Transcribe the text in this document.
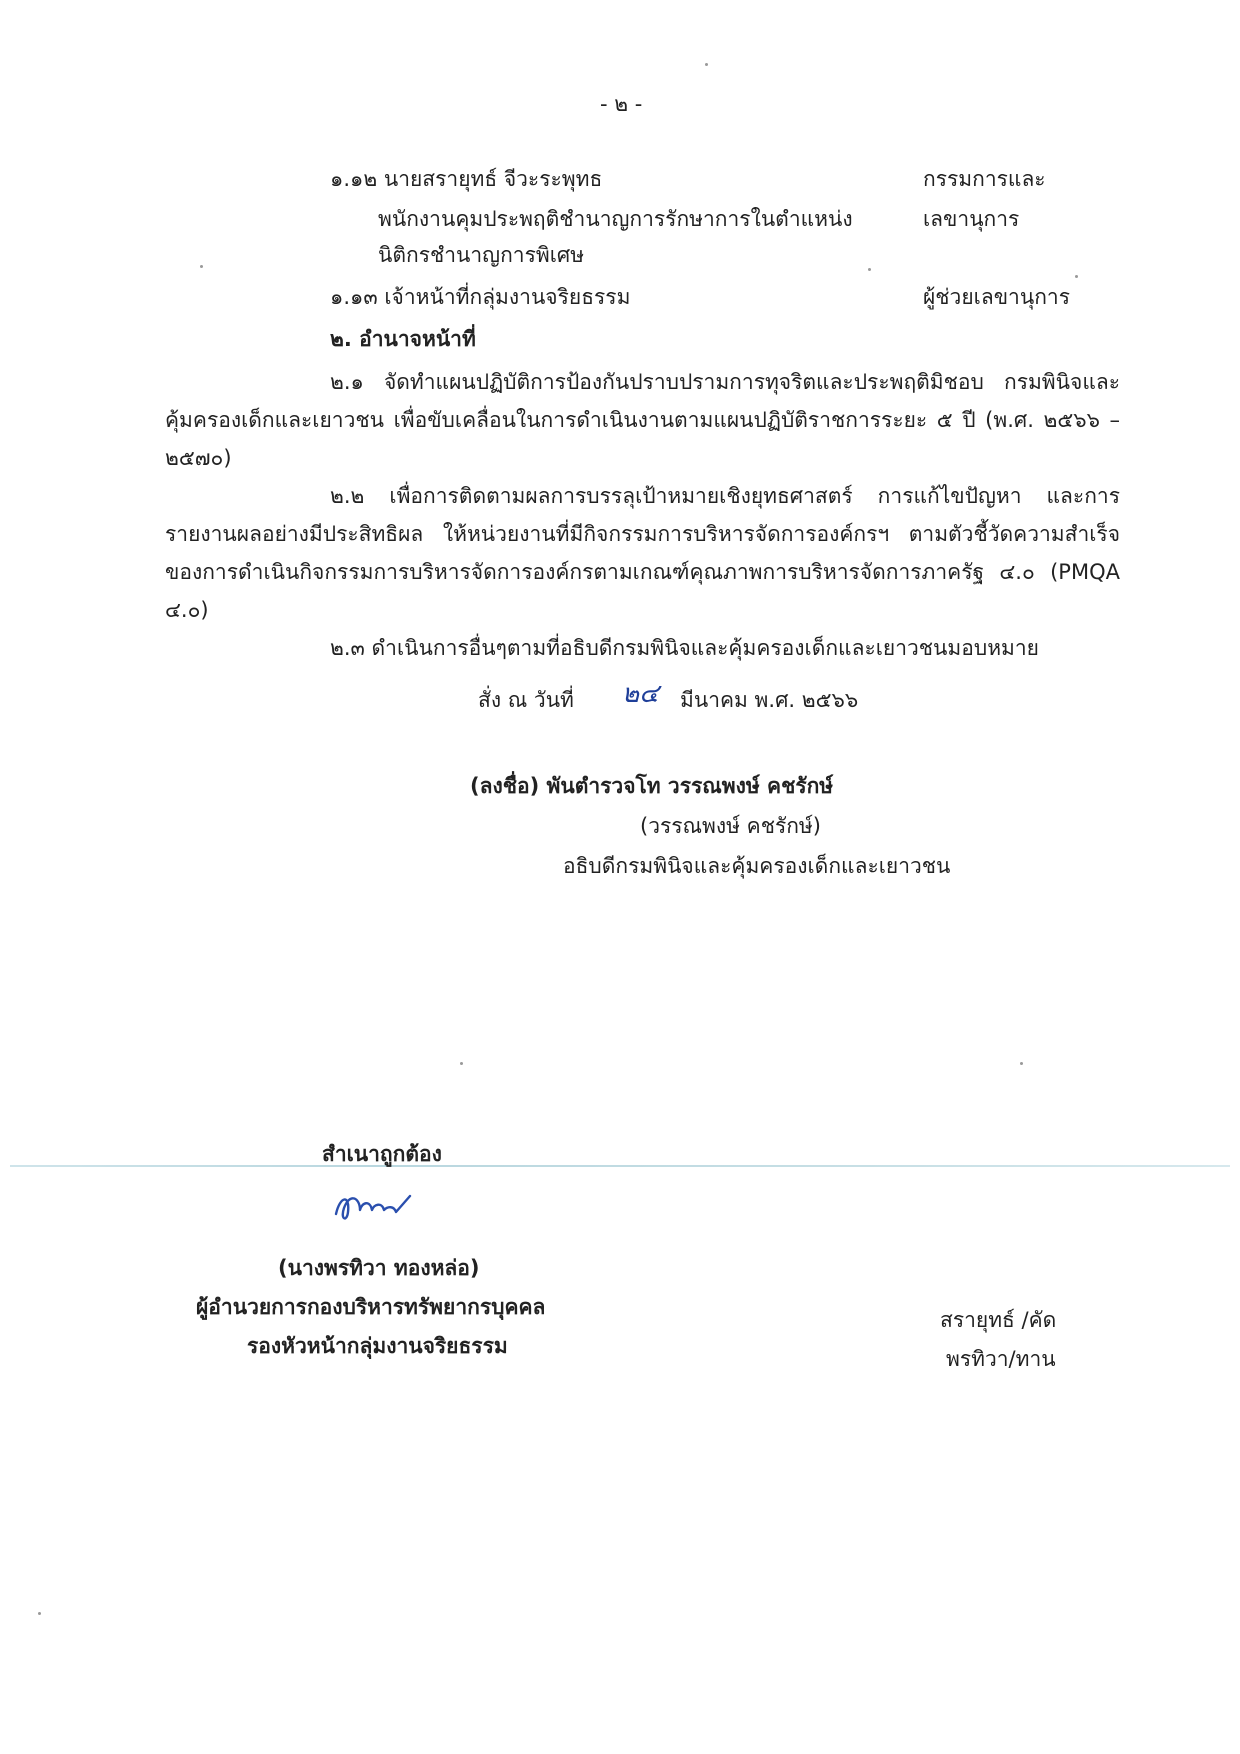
- ๒ -
๑.๑๒ นายสรายุทธ์ จีวะระพุทธ
พนักงานคุมประพฤติชำนาญการรักษาการในตำแหน่ง
นิติกรชำนาญการพิเศษ
กรรมการและ
เลขานุการ
๑.๑๓ เจ้าหน้าที่กลุ่มงานจริยธรรม	ผู้ช่วยเลขานุการ
๒. อำนาจหน้าที่

๒.๑ จัดทำแผนปฏิบัติการป้องกันปราบปรามการทุจริตและประพฤติมิชอบ กรมพินิจและคุ้มครองเด็กและเยาวชน เพื่อขับเคลื่อนในการดำเนินงานตามแผนปฏิบัติราชการระยะ ๕ ปี (พ.ศ. ๒๕๖๖ – ๒๕๗๐)

๒.๒ เพื่อการติดตามผลการบรรลุเป้าหมายเชิงยุทธศาสตร์ การแก้ไขปัญหา และการรายงานผลอย่างมีประสิทธิผล ให้หน่วยงานที่มีกิจกรรมการบริหารจัดการองค์กรฯ ตามตัวชี้วัดความสำเร็จของการดำเนินกิจกรรมการบริหารจัดการองค์กรตามเกณฑ์คุณภาพการบริหารจัดการภาครัฐ ๔.๐ (PMQA ๔.๐)

๒.๓ ดำเนินการอื่นๆตามที่อธิบดีกรมพินิจและคุ้มครองเด็กและเยาวชนมอบหมาย

สั่ง ณ วันที่ ๒๔ มีนาคม พ.ศ. ๒๕๖๖
(ลงชื่อ) พันตำรวจโท วรรณพงษ์ คชรักษ์
(วรรณพงษ์ คชรักษ์)
อธิบดีกรมพินิจและคุ้มครองเด็กและเยาวชน
สำเนาถูกต้อง
(นางพรทิวา ทองหล่อ)
ผู้อำนวยการกองบริหารทรัพยากรบุคคล
รองหัวหน้ากลุ่มงานจริยธรรม
สรายุทธ์ /คัด
พรทิวา/ทาน
